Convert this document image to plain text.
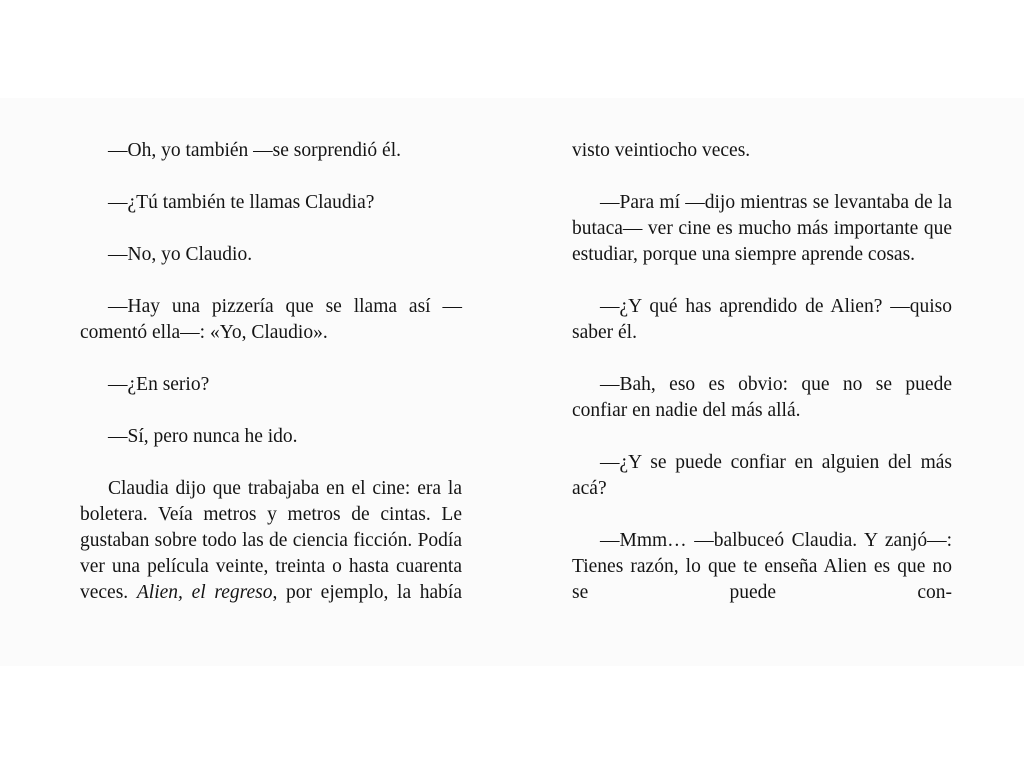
—Oh, yo también —se sorprendió él.

—¿Tú también te llamas Claudia?

—No, yo Claudio.

—Hay una pizzería que se llama así —comentó ella—: «Yo, Claudio».

—¿En serio?

—Sí, pero nunca he ido.

Claudia dijo que trabajaba en el cine: era la boletera. Veía metros y metros de cintas. Le gustaban sobre todo las de ciencia ficción. Podía ver una película veinte, treinta o hasta cuarenta veces. Alien, el regreso, por ejemplo, la había

visto veintiocho veces.

—Para mí —dijo mientras se levantaba de la butaca— ver cine es mucho más importante que estudiar, porque una siempre aprende cosas.

—¿Y qué has aprendido de Alien? —quiso saber él.

—Bah, eso es obvio: que no se puede confiar en nadie del más allá.

—¿Y se puede confiar en alguien del más acá?

—Mmm… —balbuceó Claudia. Y zanjó—: Tienes razón, lo que te enseña Alien es que no se puede con-
